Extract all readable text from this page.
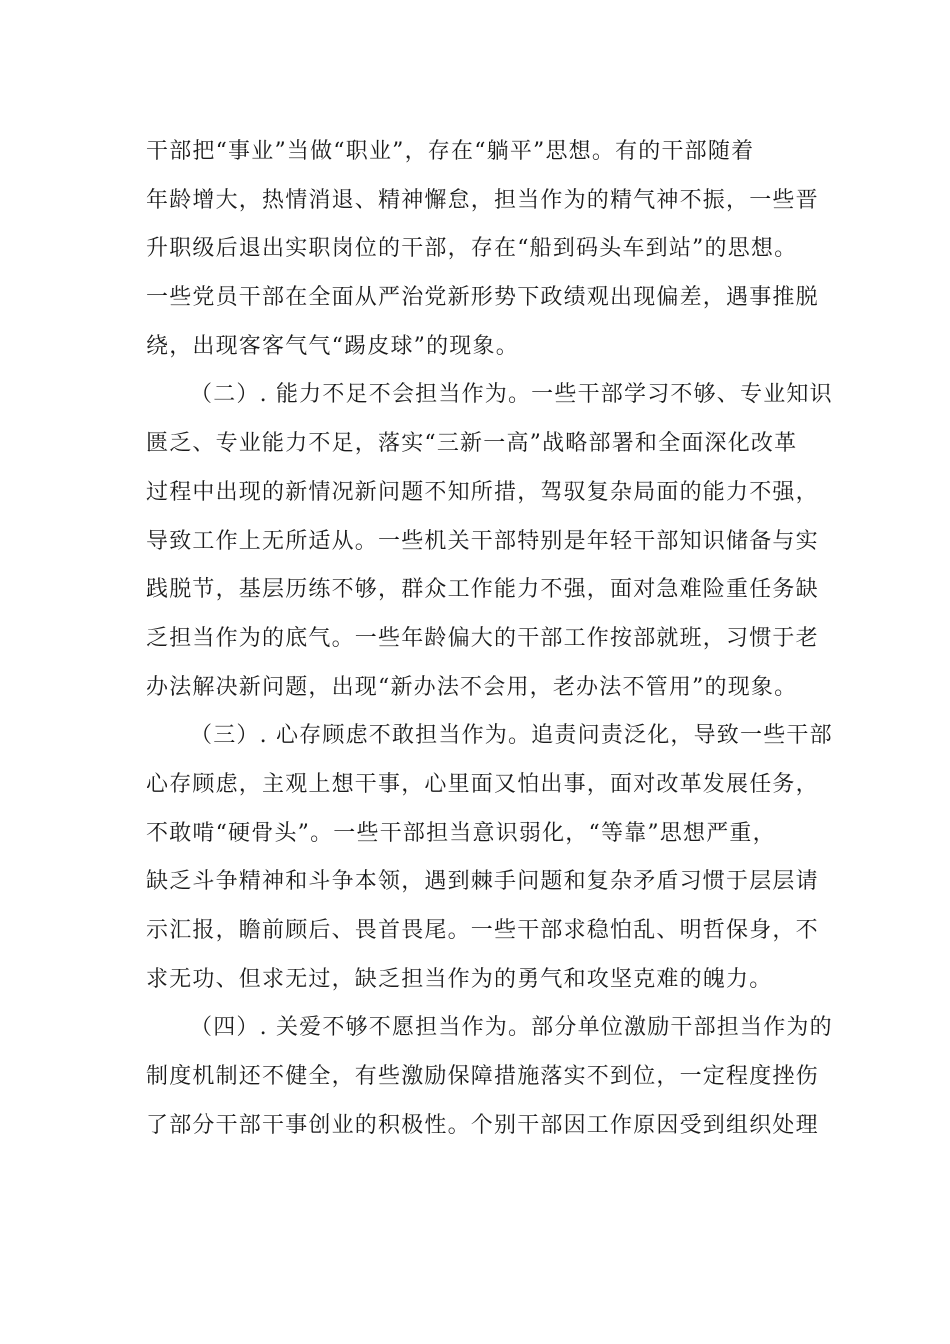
干部把“事业”当做“职业”，存在“躺平”思想。有的干部随着
年龄增大，热情消退、精神懈怠，担当作为的精气神不振，一些晋
升职级后退出实职岗位的干部，存在“船到码头车到站”的思想。
一些党员干部在全面从严治党新形势下政绩观出现偏差，遇事推脱
绕，出现客客气气“踢皮球”的现象。
（二）. 能力不足不会担当作为。一些干部学习不够、专业知识
匮乏、专业能力不足，落实“三新一高”战略部署和全面深化改革
过程中出现的新情况新问题不知所措，驾驭复杂局面的能力不强，
导致工作上无所适从。一些机关干部特别是年轻干部知识储备与实
践脱节，基层历练不够，群众工作能力不强，面对急难险重任务缺
乏担当作为的底气。一些年龄偏大的干部工作按部就班，习惯于老
办法解决新问题，出现“新办法不会用，老办法不管用”的现象。
（三）. 心存顾虑不敢担当作为。追责问责泛化，导致一些干部
心存顾虑，主观上想干事，心里面又怕出事，面对改革发展任务，
不敢啃“硬骨头”。一些干部担当意识弱化，“等靠”思想严重，
缺乏斗争精神和斗争本领，遇到棘手问题和复杂矛盾习惯于层层请
示汇报，瞻前顾后、畏首畏尾。一些干部求稳怕乱、明哲保身，不
求无功、但求无过，缺乏担当作为的勇气和攻坚克难的魄力。
（四）. 关爱不够不愿担当作为。部分单位激励干部担当作为的
制度机制还不健全，有些激励保障措施落实不到位，一定程度挫伤
了部分干部干事创业的积极性。个别干部因工作原因受到组织处理
